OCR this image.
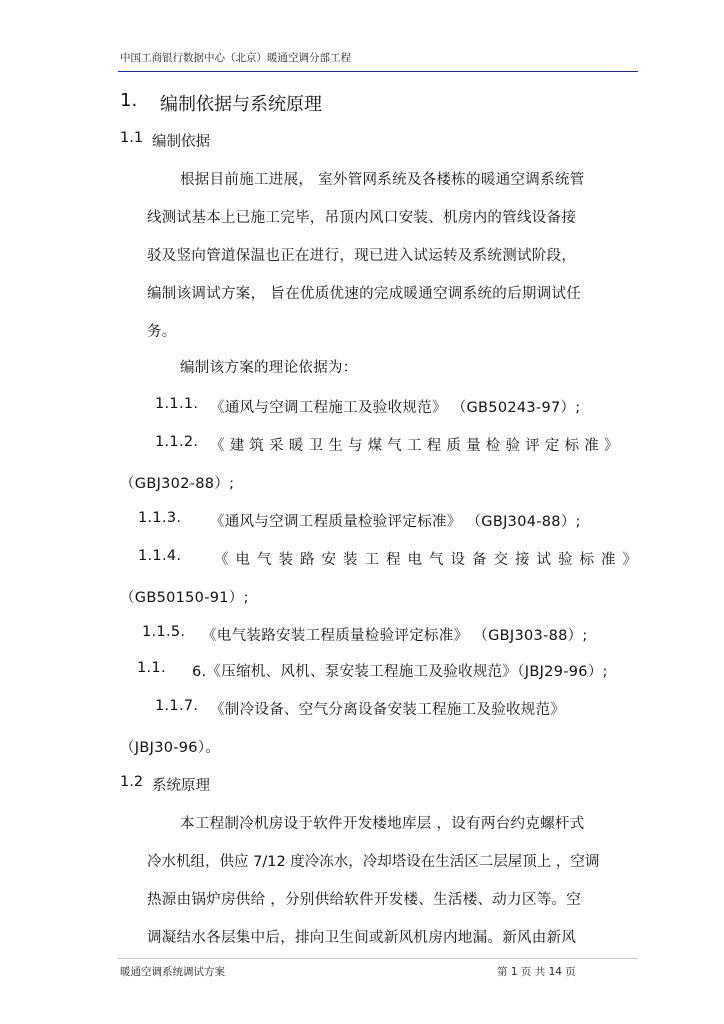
中国工商银行数据中心（北京）暖通空调分部工程
1. 编制依据与系统原理
1.1 编制依据
根据目前施工进展， 室外管网系统及各楼栋的暖通空调系统管
线测试基本上已施工完毕，吊顶内风口安装、机房内的管线设备接
驳及竖向管道保温也正在进行，现已进入试运转及系统测试阶段，
编制该调试方案， 旨在优质优速的完成暖通空调系统的后期调试任
务。
编制该方案的理论依据为：
1.1.1. 《通风与空调工程施工及验收规范》 （GB50243-97）;
1.1.2. 《建筑采暖卫生与煤气工程质量检验评定标准》
（GBJ302-88）;
1.1.3. 《通风与空调工程质量检验评定标准》 （GBJ304-88）;
1.1.4. 《电气装路安装工程电气设备交接试验标准》
（GB50150-91）;
1.1.5. 《电气装路安装工程质量检验评定标准》 （GBJ303-88）;
1.1. 6.《压缩机、风机、泵安装工程施工及验收规范》（JBJ29-96）;
1.1.7. 《制冷设备、空气分离设备安装工程施工及验收规范》
（JBJ30-96）。
1.2 系统原理
本工程制冷机房设于软件开发楼地库层 ，设有两台约克螺杆式
冷水机组，供应 7/12 度冷冻水，冷却塔设在生活区二层屋顶上 ，空调
热源由锅炉房供给 ，分别供给软件开发楼、生活楼、动力区等。空
调凝结水各层集中后，排向卫生间或新风机房内地漏。新风由新风
暖通空调系统调试方案	第 1 页 共 14 页
